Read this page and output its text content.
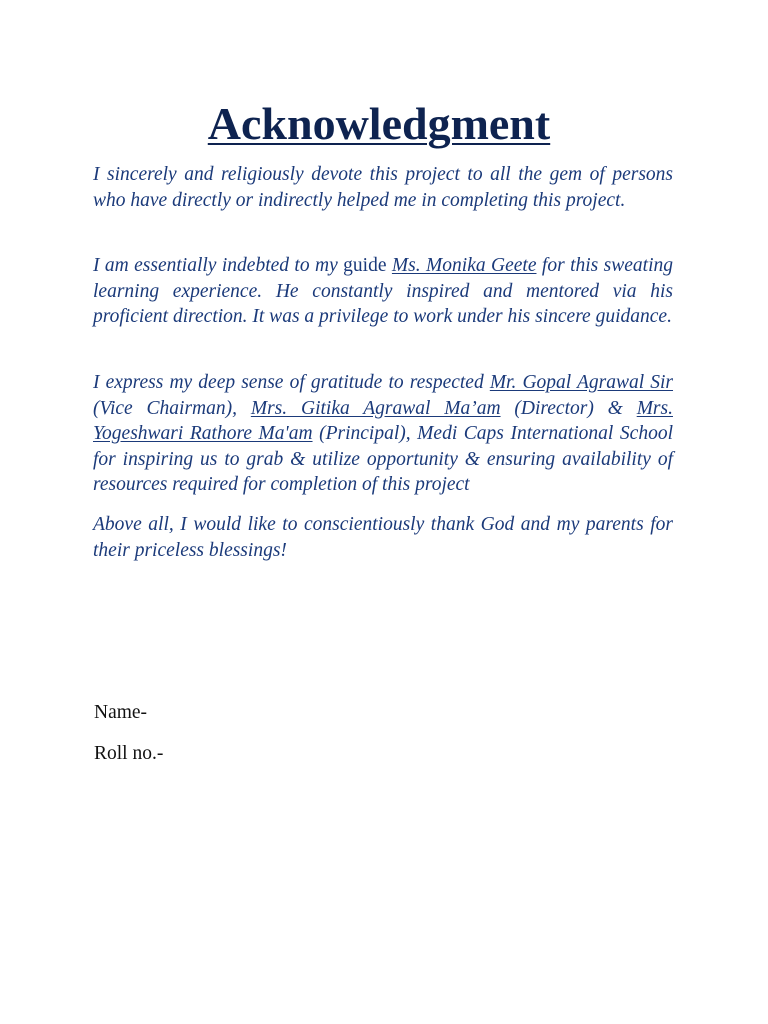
Acknowledgment

I sincerely and religiously devote this project to all the gem of persons who have directly or indirectly helped me in completing this project.

I am essentially indebted to my guide Ms. Monika Geete for this sweating learning experience. He constantly inspired and mentored via his proficient direction. It was a privilege to work under his sincere guidance.

I express my deep sense of gratitude to respected Mr. Gopal Agrawal Sir (Vice Chairman), Mrs. Gitika Agrawal Ma’am (Director) & Mrs. Yogeshwari Rathore Ma'am (Principal), Medi Caps International School for inspiring us to grab & utilize opportunity & ensuring availability of resources required for completion of this project

Above all, I would like to conscientiously thank God and my parents for their priceless blessings!

Name-

Roll no.-
